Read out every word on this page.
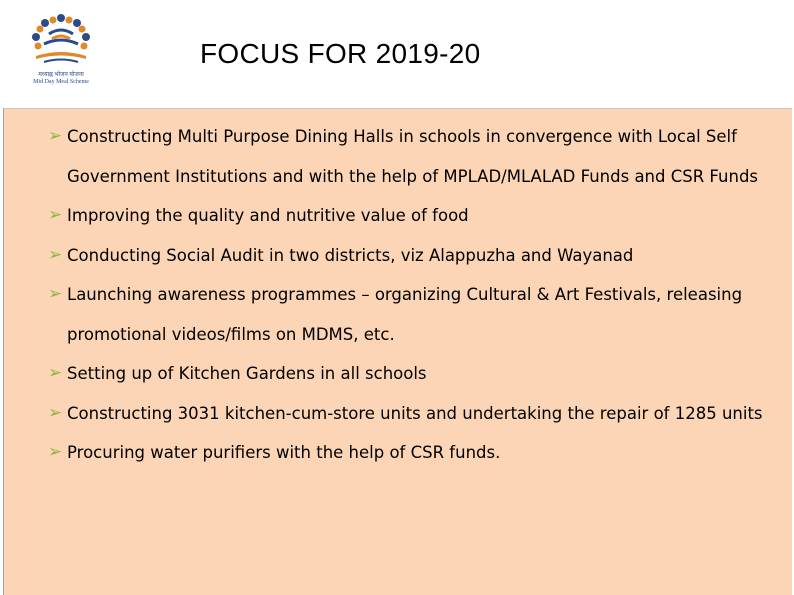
मध्याह्न भोजन योजना
Mid Day Meal Scheme
FOCUS FOR 2019-20
➢ Constructing Multi Purpose Dining Halls in schools in convergence with Local Self Government Institutions and with the help of MPLAD/MLALAD Funds and CSR Funds
➢ Improving the quality and nutritive value of food
➢ Conducting Social Audit in two districts, viz Alappuzha and Wayanad
➢ Launching awareness programmes – organizing Cultural & Art Festivals, releasing promotional videos/films on MDMS, etc.
➢ Setting up of Kitchen Gardens in all schools
➢ Constructing 3031 kitchen-cum-store units and undertaking the repair of 1285 units
➢ Procuring water purifiers with the help of CSR funds.
